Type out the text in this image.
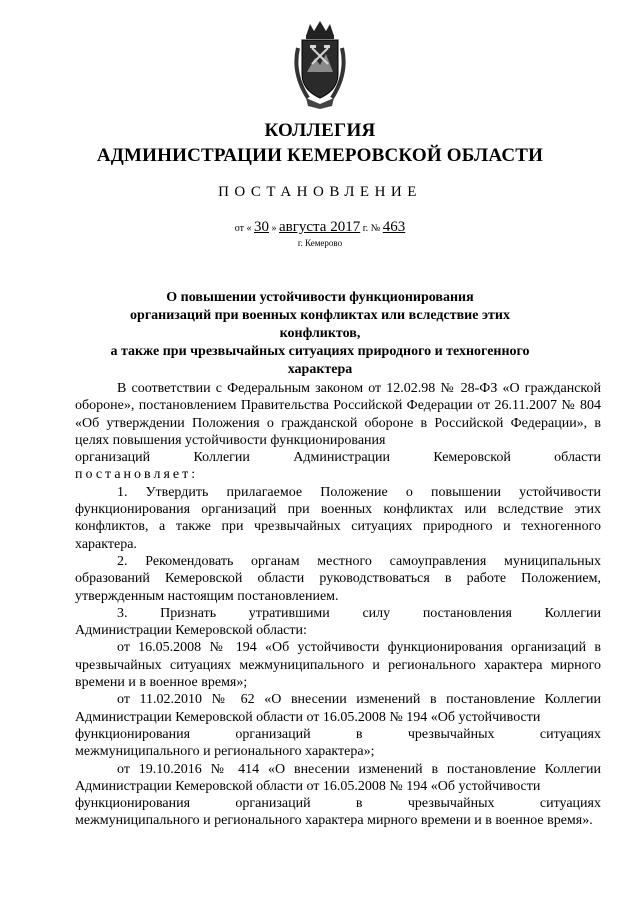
КОЛЛЕГИЯ
АДМИНИСТРАЦИИ КЕМЕРОВСКОЙ ОБЛАСТИ
ПОСТАНОВЛЕНИЕ
от « 30 » августа 2017 г. № 463
г. Кемерово
О повышении устойчивости функционирования
организаций при военных конфликтах или вследствие этих конфликтов,
а также при чрезвычайных ситуациях природного и техногенного
характера

В соответствии с Федеральным законом от 12.02.98 № 28-ФЗ «О гражданской обороне», постановлением Правительства Российской Федерации от 26.11.2007 № 804 «Об утверждении Положения о гражданской обороне в Российской Федерации», в целях повышения устойчивости функционирования

организаций	Коллегии	Администрации	Кемеровской	области

постановляет:

1. Утвердить прилагаемое Положение о повышении устойчивости функционирования организаций при военных конфликтах или вследствие этих конфликтов, а также при чрезвычайных ситуациях природного и техногенного характера.

2. Рекомендовать органам местного самоуправления муниципальных образований Кемеровской области руководствоваться в работе Положением, утвержденным настоящим постановлением.

3. Признать утратившими силу постановления Коллегии

Администрации Кемеровской области:

от 16.05.2008 № 194 «Об устойчивости функционирования организаций в чрезвычайных ситуациях межмуниципального и регионального характера мирного времени и в военное время»;

от 11.02.2010 № 62 «О внесении изменений в постановление Коллегии Администрации Кемеровской области от 16.05.2008 № 194 «Об устойчивости

функционирования	организаций	в	чрезвычайных	ситуациях

межмуниципального и регионального характера»;

от 19.10.2016 № 414 «О внесении изменений в постановление Коллегии Администрации Кемеровской области от 16.05.2008 № 194 «Об устойчивости

функционирования	организаций	в	чрезвычайных	ситуациях

межмуниципального и регионального характера мирного времени и в военное время».
